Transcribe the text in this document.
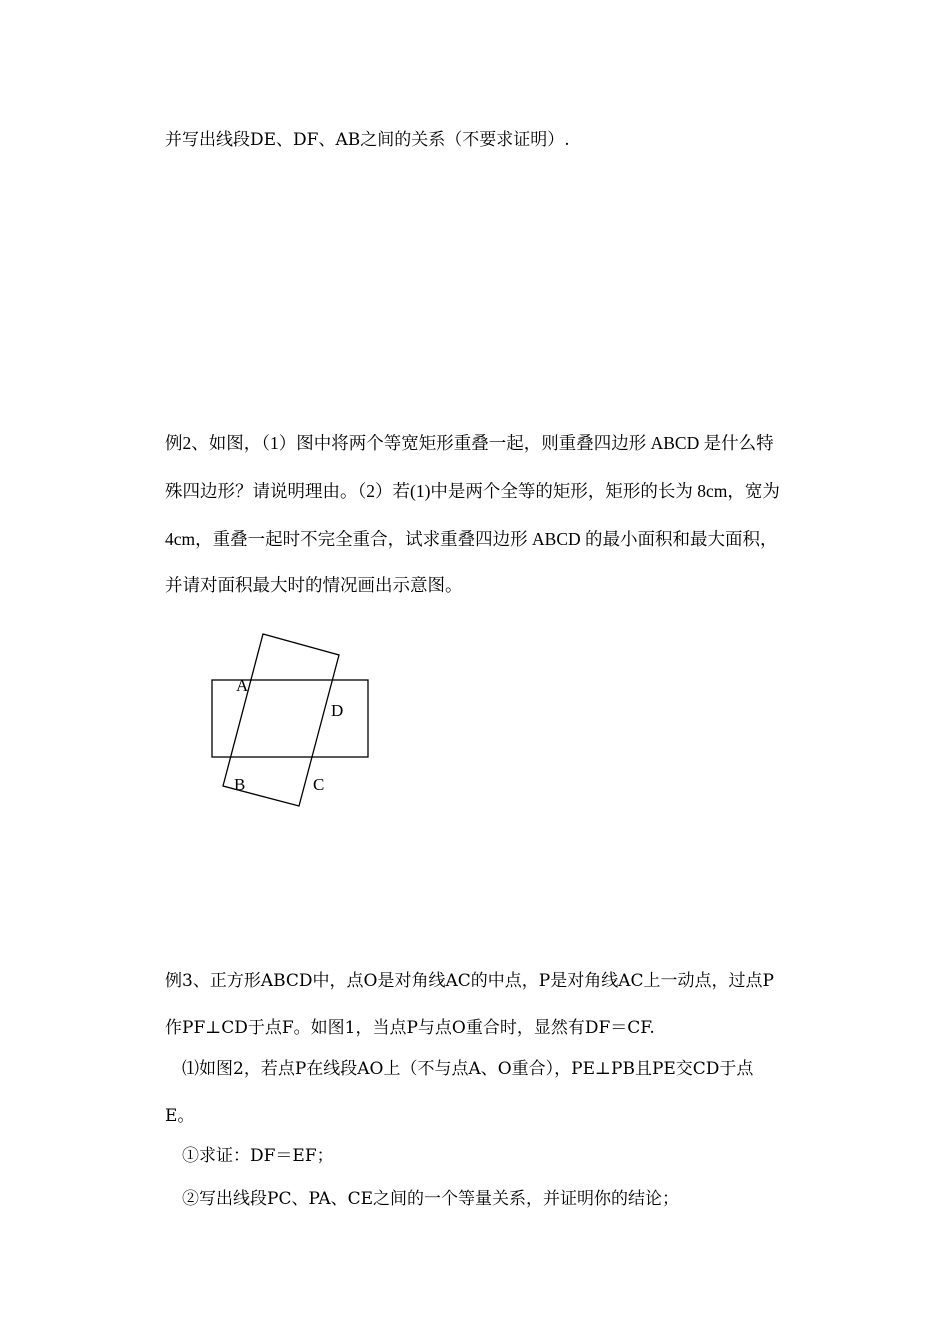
并写出线段DE、DF、AB之间的关系（不要求证明）.
例2、如图，（1）图中将两个等宽矩形重叠一起，则重叠四边形 ABCD 是什么特
殊四边形？请说明理由。（2）若(1)中是两个全等的矩形，矩形的长为 8cm，宽为
4cm，重叠一起时不完全重合，试求重叠四边形 ABCD 的最小面积和最大面积，
并请对面积最大时的情况画出示意图。
A
D
B	C
例3、正方形ABCD中，点O是对角线AC的中点，P是对角线AC上一动点，过点P
作PF⊥CD于点F。如图1，当点P与点O重合时，显然有DF＝CF.
⑴如图2，若点P在线段AO上（不与点A、O重合），PE⊥PB且PE交CD于点
E。
①求证：DF＝EF；
②写出线段PC、PA、CE之间的一个等量关系，并证明你的结论；
